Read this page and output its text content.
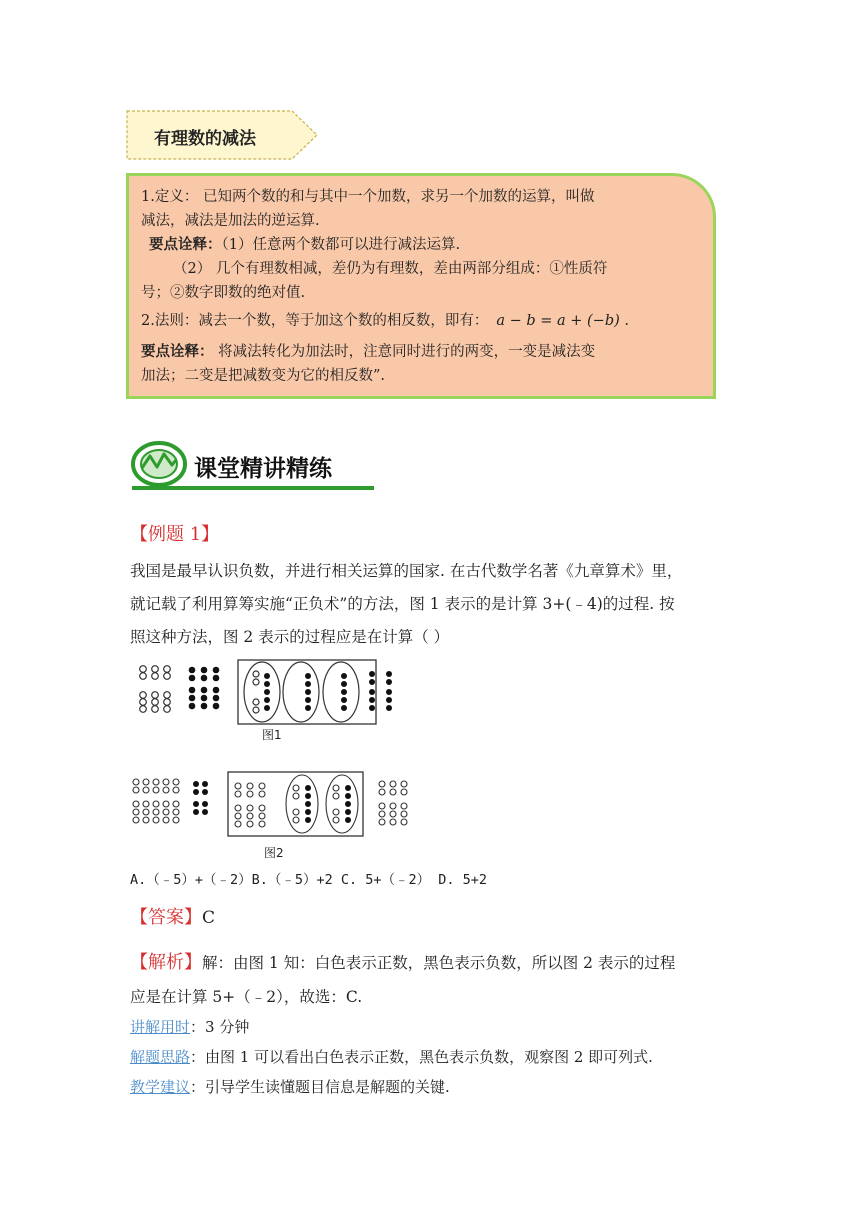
有理数的减法

1.定义： 已知两个数的和与其中一个加数，求另一个加数的运算，叫做

减法，减法是加法的逆运算.

要点诠释：（1）任意两个数都可以进行减法运算.

（2） 几个有理数相减，差仍为有理数，差由两部分组成：①性质符

号；②数字即数的绝对值.

2.法则：减去一个数，等于加这个数的相反数，即有： a − b = a + (−b) .

要点诠释： 将减法转化为加法时，注意同时进行的两变，一变是减法变

加法；二变是把减数变为它的相反数”.

课堂精讲精练
【例题 1】
我国是最早认识负数，并进行相关运算的国家. 在古代数学名著《九章算术》里，
就记载了利用算筹实施“正负术”的方法，图 1 表示的是计算 3+(﹣4)的过程. 按
照这种方法，图 2 表示的过程应是在计算（ ）
图1
图2
A.（﹣5）+（﹣2）B.（﹣5）+2 C. 5+（﹣2） D. 5+2
【答案】C
【解析】解：由图 1 知：白色表示正数，黑色表示负数，所以图 2 表示的过程
应是在计算 5+（﹣2），故选：C.
讲解用时：3 分钟
解题思路：由图 1 可以看出白色表示正数，黑色表示负数，观察图 2 即可列式.
教学建议：引导学生读懂题目信息是解题的关键.
